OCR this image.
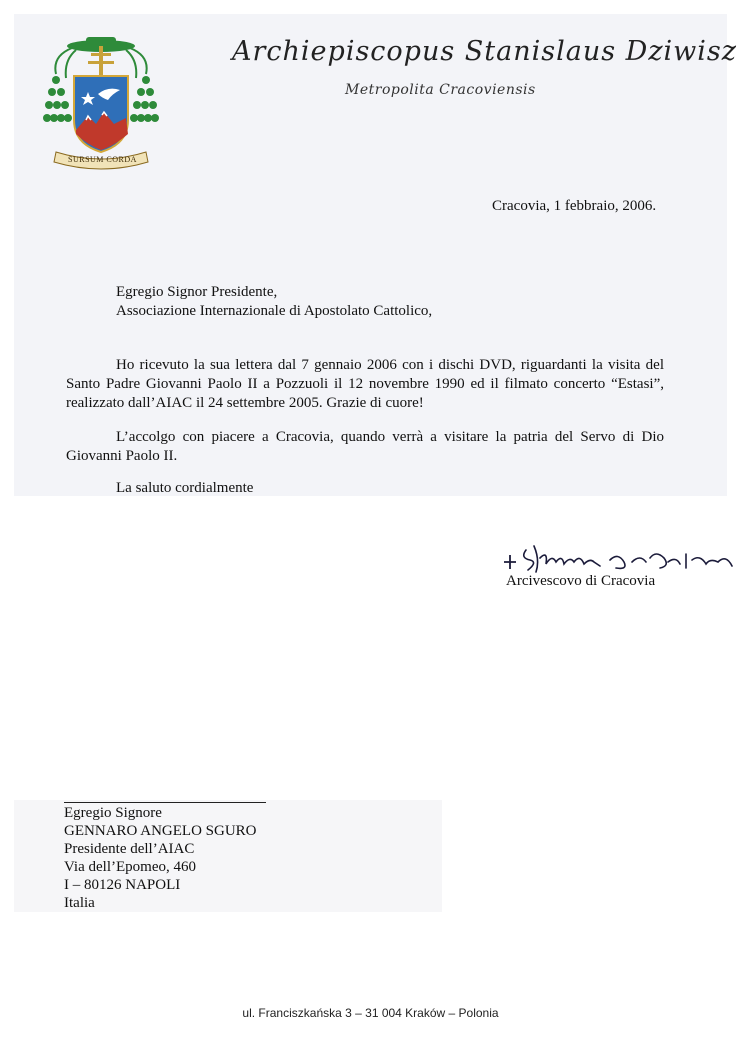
SURSUM CORDA
Archiepiscopus Stanislaus Dziwisz
Metropolita Cracoviensis
Cracovia, 1 febbraio, 2006.
Egregio Signor Presidente,
Associazione Internazionale di Apostolato Cattolico,

Ho ricevuto la sua lettera dal 7 gennaio 2006 con i dischi DVD, riguardanti la visita del Santo Padre Giovanni Paolo II a Pozzuoli il 12 novembre 1990 ed il filmato concerto “Estasi”, realizzato dall’AIAC il 24 settembre 2005. Grazie di cuore!

L’accolgo con piacere a Cracovia, quando verrà a visitare la patria del Servo di Dio Giovanni Paolo II.

La saluto cordialmente
Arcivescovo di Cracovia
Egregio Signore
GENNARO ANGELO SGURO
Presidente dell’AIAC
Via dell’Epomeo, 460
I – 80126 NAPOLI
Italia
ul. Franciszkańska 3 – 31 004 Kraków – Polonia
